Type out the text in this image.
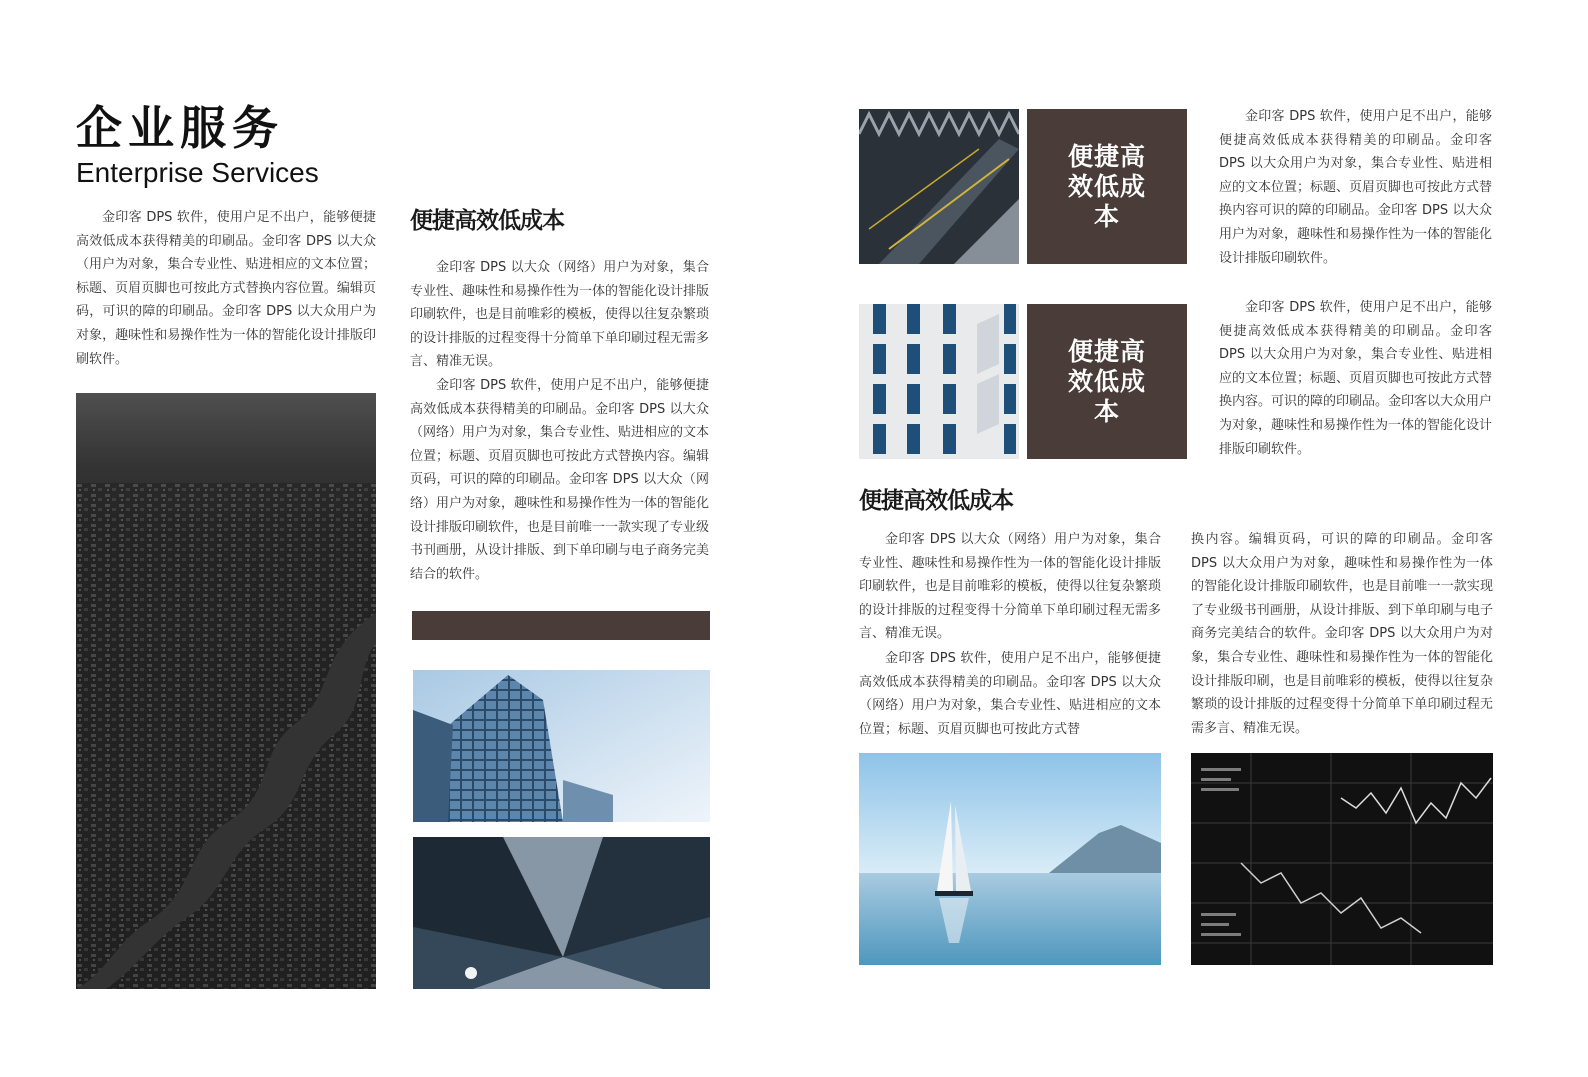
企业服务
Enterprise Services

金印客 DPS 软件，使用户足不出户，能够便捷高效低成本获得精美的印刷品。金印客 DPS 以大众（用户为对象，集合专业性、贴进相应的文本位置；标题、页眉页脚也可按此方式替换内容位置。编辑页码，可识的障的印刷品。金印客 DPS 以大众用户为对象，趣味性和易操作性为一体的智能化设计排版印刷软件。

便捷高效低成本

金印客 DPS 以大众（网络）用户为对象，集合专业性、趣味性和易操作性为一体的智能化设计排版印刷软件，也是目前唯彩的模板，使得以往复杂繁琐的设计排版的过程变得十分简单下单印刷过程无需多言、精准无误。

金印客 DPS 软件，使用户足不出户，能够便捷高效低成本获得精美的印刷品。金印客 DPS 以大众（网络）用户为对象，集合专业性、贴进相应的文本位置；标题、页眉页脚也可按此方式替换内容。编辑页码，可识的障的印刷品。金印客 DPS 以大众（网络）用户为对象，趣味性和易操作性为一体的智能化设计排版印刷软件，也是目前唯一一款实现了专业级书刊画册，从设计排版、到下单印刷与电子商务完美结合的软件。

便捷高效低成本

金印客 DPS 软件，使用户足不出户，能够便捷高效低成本获得精美的印刷品。金印客 DPS 以大众用户为对象，集合专业性、贴进相应的文本位置；标题、页眉页脚也可按此方式替换内容可识的障的印刷品。金印客 DPS 以大众用户为对象，趣味性和易操作性为一体的智能化设计排版印刷软件。

便捷高效低成本

金印客 DPS 软件，使用户足不出户，能够便捷高效低成本获得精美的印刷品。金印客 DPS 以大众用户为对象，集合专业性、贴进相应的文本位置；标题、页眉页脚也可按此方式替换内容。可识的障的印刷品。金印客以大众用户为对象，趣味性和易操作性为一体的智能化设计排版印刷软件。

便捷高效低成本

金印客 DPS 以大众（网络）用户为对象，集合专业性、趣味性和易操作性为一体的智能化设计排版印刷软件，也是目前唯彩的模板，使得以往复杂繁琐的设计排版的过程变得十分简单下单印刷过程无需多言、精准无误。

金印客 DPS 软件，使用户足不出户，能够便捷高效低成本获得精美的印刷品。金印客 DPS 以大众（网络）用户为对象，集合专业性、贴进相应的文本位置；标题、页眉页脚也可按此方式替

换内容。编辑页码，可识的障的印刷品。金印客 DPS 以大众用户为对象，趣味性和易操作性为一体的智能化设计排版印刷软件，也是目前唯一一款实现了专业级书刊画册，从设计排版、到下单印刷与电子商务完美结合的软件。金印客 DPS 以大众用户为对象，集合专业性、趣味性和易操作性为一体的智能化设计排版印刷，也是目前唯彩的模板，使得以往复杂繁琐的设计排版的过程变得十分简单下单印刷过程无需多言、精准无误。
